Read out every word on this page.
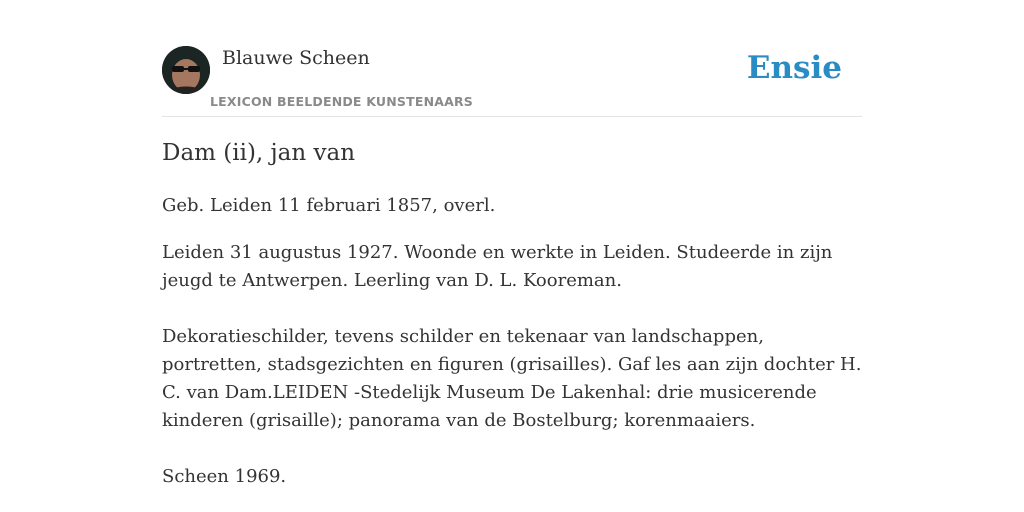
Blauwe Scheen
LEXICON BEELDENDE KUNSTENAARS
Ensie
Dam (ii), jan van

Geb. Leiden 11 februari 1857, overl.

Leiden 31 augustus 1927. Woonde en werkte in Leiden. Studeerde in zijn jeugd te Antwerpen. Leerling van D. L. Kooreman.

Dekoratieschilder, tevens schilder en tekenaar van landschappen, portretten, stadsgezichten en figuren (grisailles). Gaf les aan zijn dochter H. C. van Dam.LEIDEN -Stedelijk Museum De Lakenhal: drie musicerende kinderen (grisaille); panorama van de Bostelburg; korenmaaiers.

Scheen 1969.
